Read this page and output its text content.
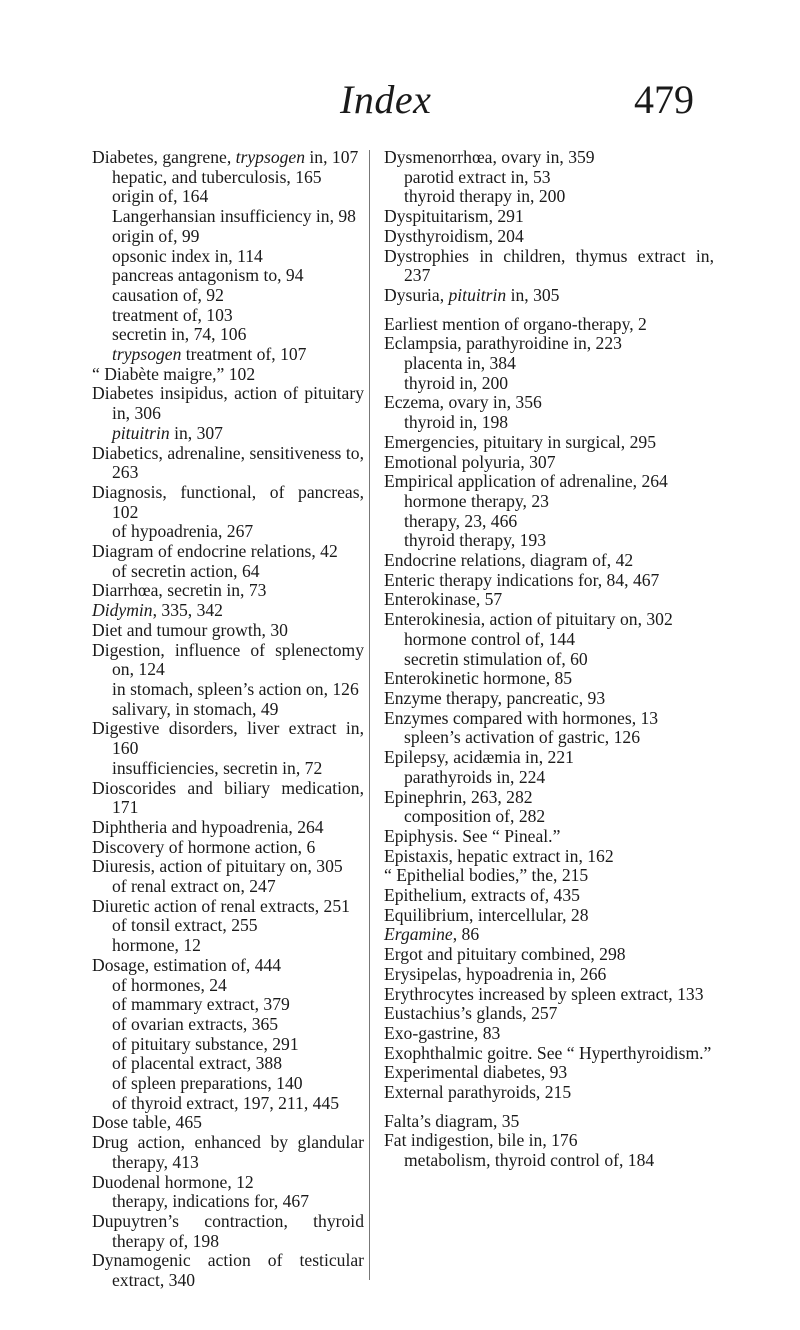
Index	479
Diabetes, gangrene, trypsogen in, 107
hepatic, and tuberculosis, 165
origin of, 164
Langerhansian insufficiency in, 98
origin of, 99
opsonic index in, 114
pancreas antagonism to, 94
causation of, 92
treatment of, 103
secretin in, 74, 106
trypsogen treatment of, 107
“ Diabète maigre,” 102
Diabetes insipidus, action of pituitary in, 306
pituitrin in, 307
Diabetics, adrenaline, sensitiveness to, 263
Diagnosis, functional, of pancreas, 102
of hypoadrenia, 267
Diagram of endocrine relations, 42
of secretin action, 64
Diarrhœa, secretin in, 73
Didymin, 335, 342
Diet and tumour growth, 30
Digestion, influence of splenectomy on, 124
in stomach, spleen’s action on, 126
salivary, in stomach, 49
Digestive disorders, liver extract in, 160
insufficiencies, secretin in, 72
Dioscorides and biliary medication, 171
Diphtheria and hypoadrenia, 264
Discovery of hormone action, 6
Diuresis, action of pituitary on, 305
of renal extract on, 247
Diuretic action of renal extracts, 251
of tonsil extract, 255
hormone, 12
Dosage, estimation of, 444
of hormones, 24
of mammary extract, 379
of ovarian extracts, 365
of pituitary substance, 291
of placental extract, 388
of spleen preparations, 140
of thyroid extract, 197, 211, 445
Dose table, 465
Drug action, enhanced by glandular therapy, 413
Duodenal hormone, 12
therapy, indications for, 467
Dupuytren’s contraction, thyroid therapy of, 198
Dynamogenic action of testicular extract, 340
Dysmenorrhœa, ovary in, 359
parotid extract in, 53
thyroid therapy in, 200
Dyspituitarism, 291
Dysthyroidism, 204
Dystrophies in children, thymus extract in, 237
Dysuria, pituitrin in, 305
Earliest mention of organo-therapy, 2
Eclampsia, parathyroidine in, 223
placenta in, 384
thyroid in, 200
Eczema, ovary in, 356
thyroid in, 198
Emergencies, pituitary in surgical, 295
Emotional polyuria, 307
Empirical application of adrenaline, 264
hormone therapy, 23
therapy, 23, 466
thyroid therapy, 193
Endocrine relations, diagram of, 42
Enteric therapy indications for, 84, 467
Enterokinase, 57
Enterokinesia, action of pituitary on, 302
hormone control of, 144
secretin stimulation of, 60
Enterokinetic hormone, 85
Enzyme therapy, pancreatic, 93
Enzymes compared with hormones, 13
spleen’s activation of gastric, 126
Epilepsy, acidæmia in, 221
parathyroids in, 224
Epinephrin, 263, 282
composition of, 282
Epiphysis. See “ Pineal.”
Epistaxis, hepatic extract in, 162
“ Epithelial bodies,” the, 215
Epithelium, extracts of, 435
Equilibrium, intercellular, 28
Ergamine, 86
Ergot and pituitary combined, 298
Erysipelas, hypoadrenia in, 266
Erythrocytes increased by spleen extract, 133
Eustachius’s glands, 257
Exo-gastrine, 83
Exophthalmic goitre. See “ Hyperthyroidism.”
Experimental diabetes, 93
External parathyroids, 215
Falta’s diagram, 35
Fat indigestion, bile in, 176
metabolism, thyroid control of, 184
